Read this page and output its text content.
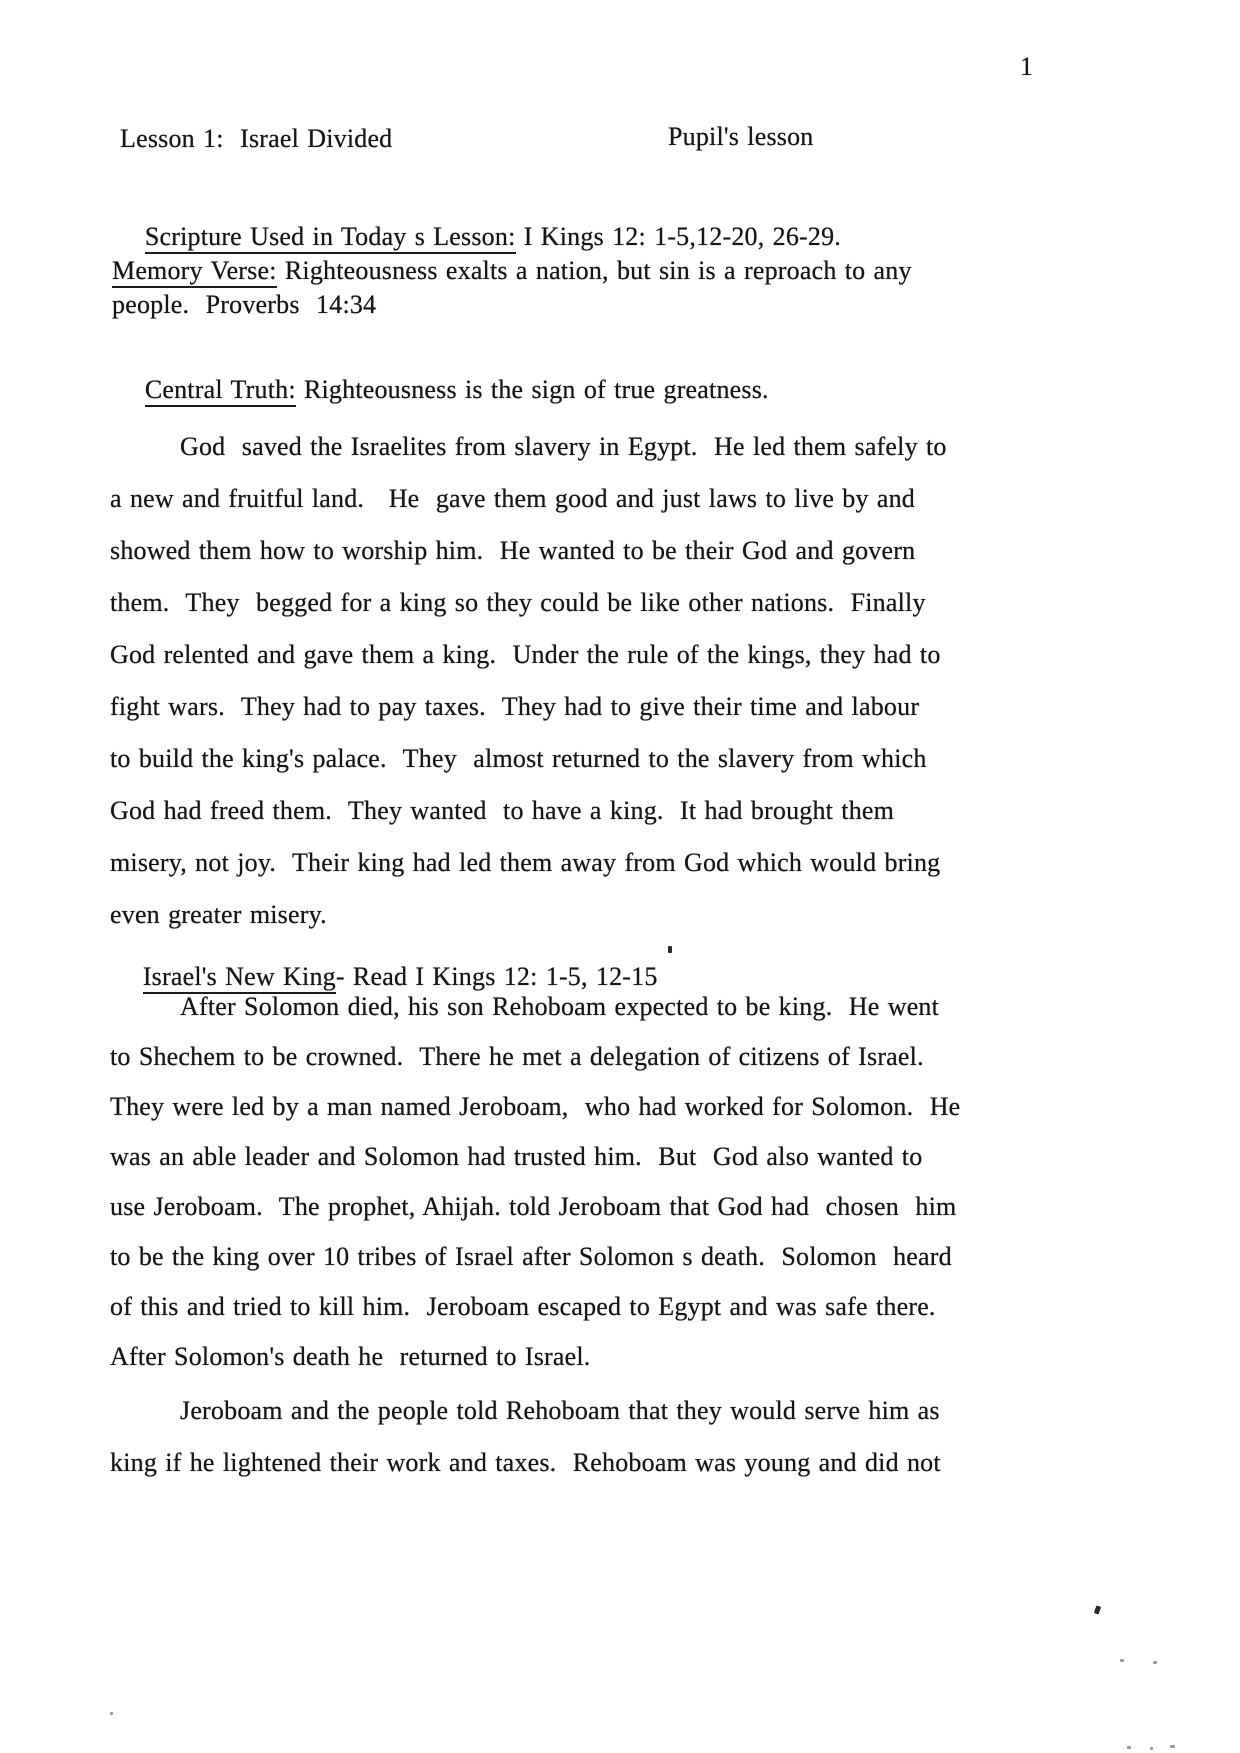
1
Lesson 1:  Israel Divided	Pupil's lesson

Scripture Used in Today s Lesson: I Kings 12: 1-5,12-20, 26-29.

Memory Verse: Righteousness exalts a nation, but sin is a reproach to any
people.  Proverbs  14:34

Central Truth: Righteousness is the sign of true greatness.

God  saved the Israelites from slavery in Egypt.  He led them safely to
a new and fruitful land.   He  gave them good and just laws to live by and
showed them how to worship him.  He wanted to be their God and govern
them.  They  begged for a king so they could be like other nations.  Finally
God relented and gave them a king.  Under the rule of the kings, they had to
fight wars.  They had to pay taxes.  They had to give their time and labour
to build the king's palace.  They  almost returned to the slavery from which
God had freed them.  They wanted  to have a king.  It had brought them
misery, not joy.  Their king had led them away from God which would bring
even greater misery.

Israel's New King- Read I Kings 12: 1-5, 12-15

After Solomon died, his son Rehoboam expected to be king.  He went
to Shechem to be crowned.  There he met a delegation of citizens of Israel.
They were led by a man named Jeroboam,  who had worked for Solomon.  He
was an able leader and Solomon had trusted him.  But  God also wanted to
use Jeroboam.  The prophet, Ahijah. told Jeroboam that God had  chosen  him
to be the king over 10 tribes of Israel after Solomon s death.  Solomon  heard
of this and tried to kill him.  Jeroboam escaped to Egypt and was safe there.
After Solomon's death he  returned to Israel.
Jeroboam and the people told Rehoboam that they would serve him as
king if he lightened their work and taxes.  Rehoboam was young and did not
